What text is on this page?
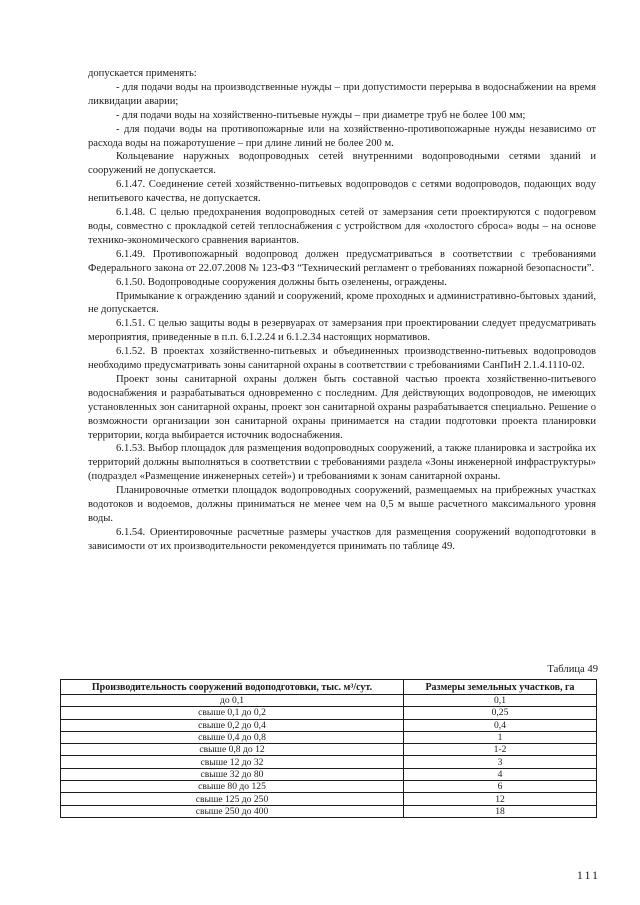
допускается применять:

- для подачи воды на производственные нужды – при допустимости перерыва в водоснабжении на время ликвидации аварии;

- для подачи воды на хозяйственно-питьевые нужды – при диаметре труб не более 100 мм;

- для подачи воды на противопожарные или на хозяйственно-противопожарные нужды независимо от расхода воды на пожаротушение – при длине линий не более 200 м.

Кольцевание наружных водопроводных сетей внутренними водопроводными сетями зданий и сооружений не допускается.

6.1.47. Соединение сетей хозяйственно-питьевых водопроводов с сетями водопроводов, подающих воду непитьевого качества, не допускается.

6.1.48. С целью предохранения водопроводных сетей от замерзания сети проектируются с подогревом воды, совместно с прокладкой сетей теплоснабжения с устройством для «холостого сброса» воды – на основе технико-экономического сравнения вариантов.

6.1.49. Противопожарный водопровод должен предусматриваться в соответствии с требованиями Федерального закона от 22.07.2008 № 123-ФЗ “Технический регламент о требованиях пожарной безопасности”.

6.1.50. Водопроводные сооружения должны быть озеленены, ограждены.

Примыкание к ограждению зданий и сооружений, кроме проходных и административно-бытовых зданий, не допускается.

6.1.51. С целью защиты воды в резервуарах от замерзания при проектировании следует предусматривать мероприятия, приведенные в п.п. 6.1.2.24 и 6.1.2.34 настоящих нормативов.

6.1.52. В проектах хозяйственно-питьевых и объединенных производственно-питьевых водопроводов необходимо предусматривать зоны санитарной охраны в соответствии с требованиями СанПиН 2.1.4.1110-02.

Проект зоны санитарной охраны должен быть составной частью проекта хозяйственно-питьевого водоснабжения и разрабатываться одновременно с последним. Для действующих водопроводов, не имеющих установленных зон санитарной охраны, проект зон санитарной охраны разрабатывается специально. Решение о возможности организации зон санитарной охраны принимается на стадии подготовки проекта планировки территории, когда выбирается источник водоснабжения.

6.1.53. Выбор площадок для размещения водопроводных сооружений, а также планировка и застройка их территорий должны выполняться в соответствии с требованиями раздела «Зоны инженерной инфраструктуры» (подраздел «Размещение инженерных сетей») и требованиями к зонам санитарной охраны.

Планировочные отметки площадок водопроводных сооружений, размещаемых на прибрежных участках водотоков и водоемов, должны приниматься не менее чем на 0,5 м выше расчетного максимального уровня воды.

6.1.54. Ориентировочные расчетные размеры участков для размещения сооружений водоподготовки в зависимости от их производительности рекомендуется принимать по таблице 49.

Таблица 49
Производительность сооружений водоподготовки, тыс. м³/сут.	Размеры земельных участков, га
до 0,1	0,1
свыше 0,1 до 0,2	0,25
свыше 0,2 до 0,4	0,4
свыше 0,4 до 0,8	1
свыше 0,8 до 12	1-2
свыше 12 до 32	3
свыше 32 до 80	4
свыше 80 до 125	6
свыше 125 до 250	12
свыше 250 до 400	18
111
